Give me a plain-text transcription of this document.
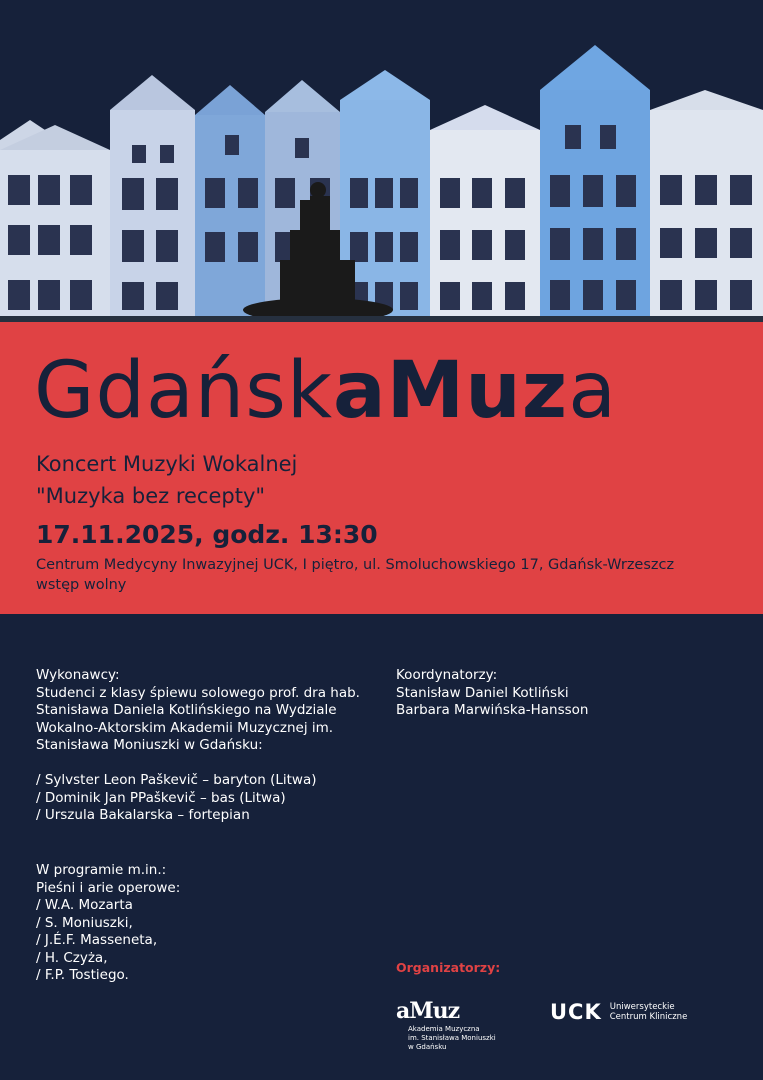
GdańskaMuza
Koncert Muzyki Wokalnej
"Muzyka bez recepty"
17.11.2025, godz. 13:30
Centrum Medycyny Inwazyjnej UCK, I piętro, ul. Smoluchowskiego 17, Gdańsk-Wrzeszcz
wstęp wolny
Wykonawcy:
Studenci z klasy śpiewu solowego prof. dra hab.
Stanisława Daniela Kotlińskiego na Wydziale
Wokalno-Aktorskim Akademii Muzycznej im.
Stanisława Moniuszki w Gdańsku:
/ Sylvster Leon Paškevič – baryton (Litwa)
/ Dominik Jan PPaškevič – bas (Litwa)
/ Urszula Bakalarska – fortepian
W programie m.in.:
Pieśni i arie operowe:
/ W.A. Mozarta
/ S. Moniuszki,
/ J.É.F. Masseneta,
/ H. Czyża,
/ F.P. Tostiego.
Koordynatorzy:
Stanisław Daniel Kotliński
Barbara Marwińska-Hansson
Organizatorzy:
aMuz
Akademia Muzyczna
im. Stanisława Moniuszki
w Gdańsku
UCK Uniwersyteckie
Centrum Kliniczne
